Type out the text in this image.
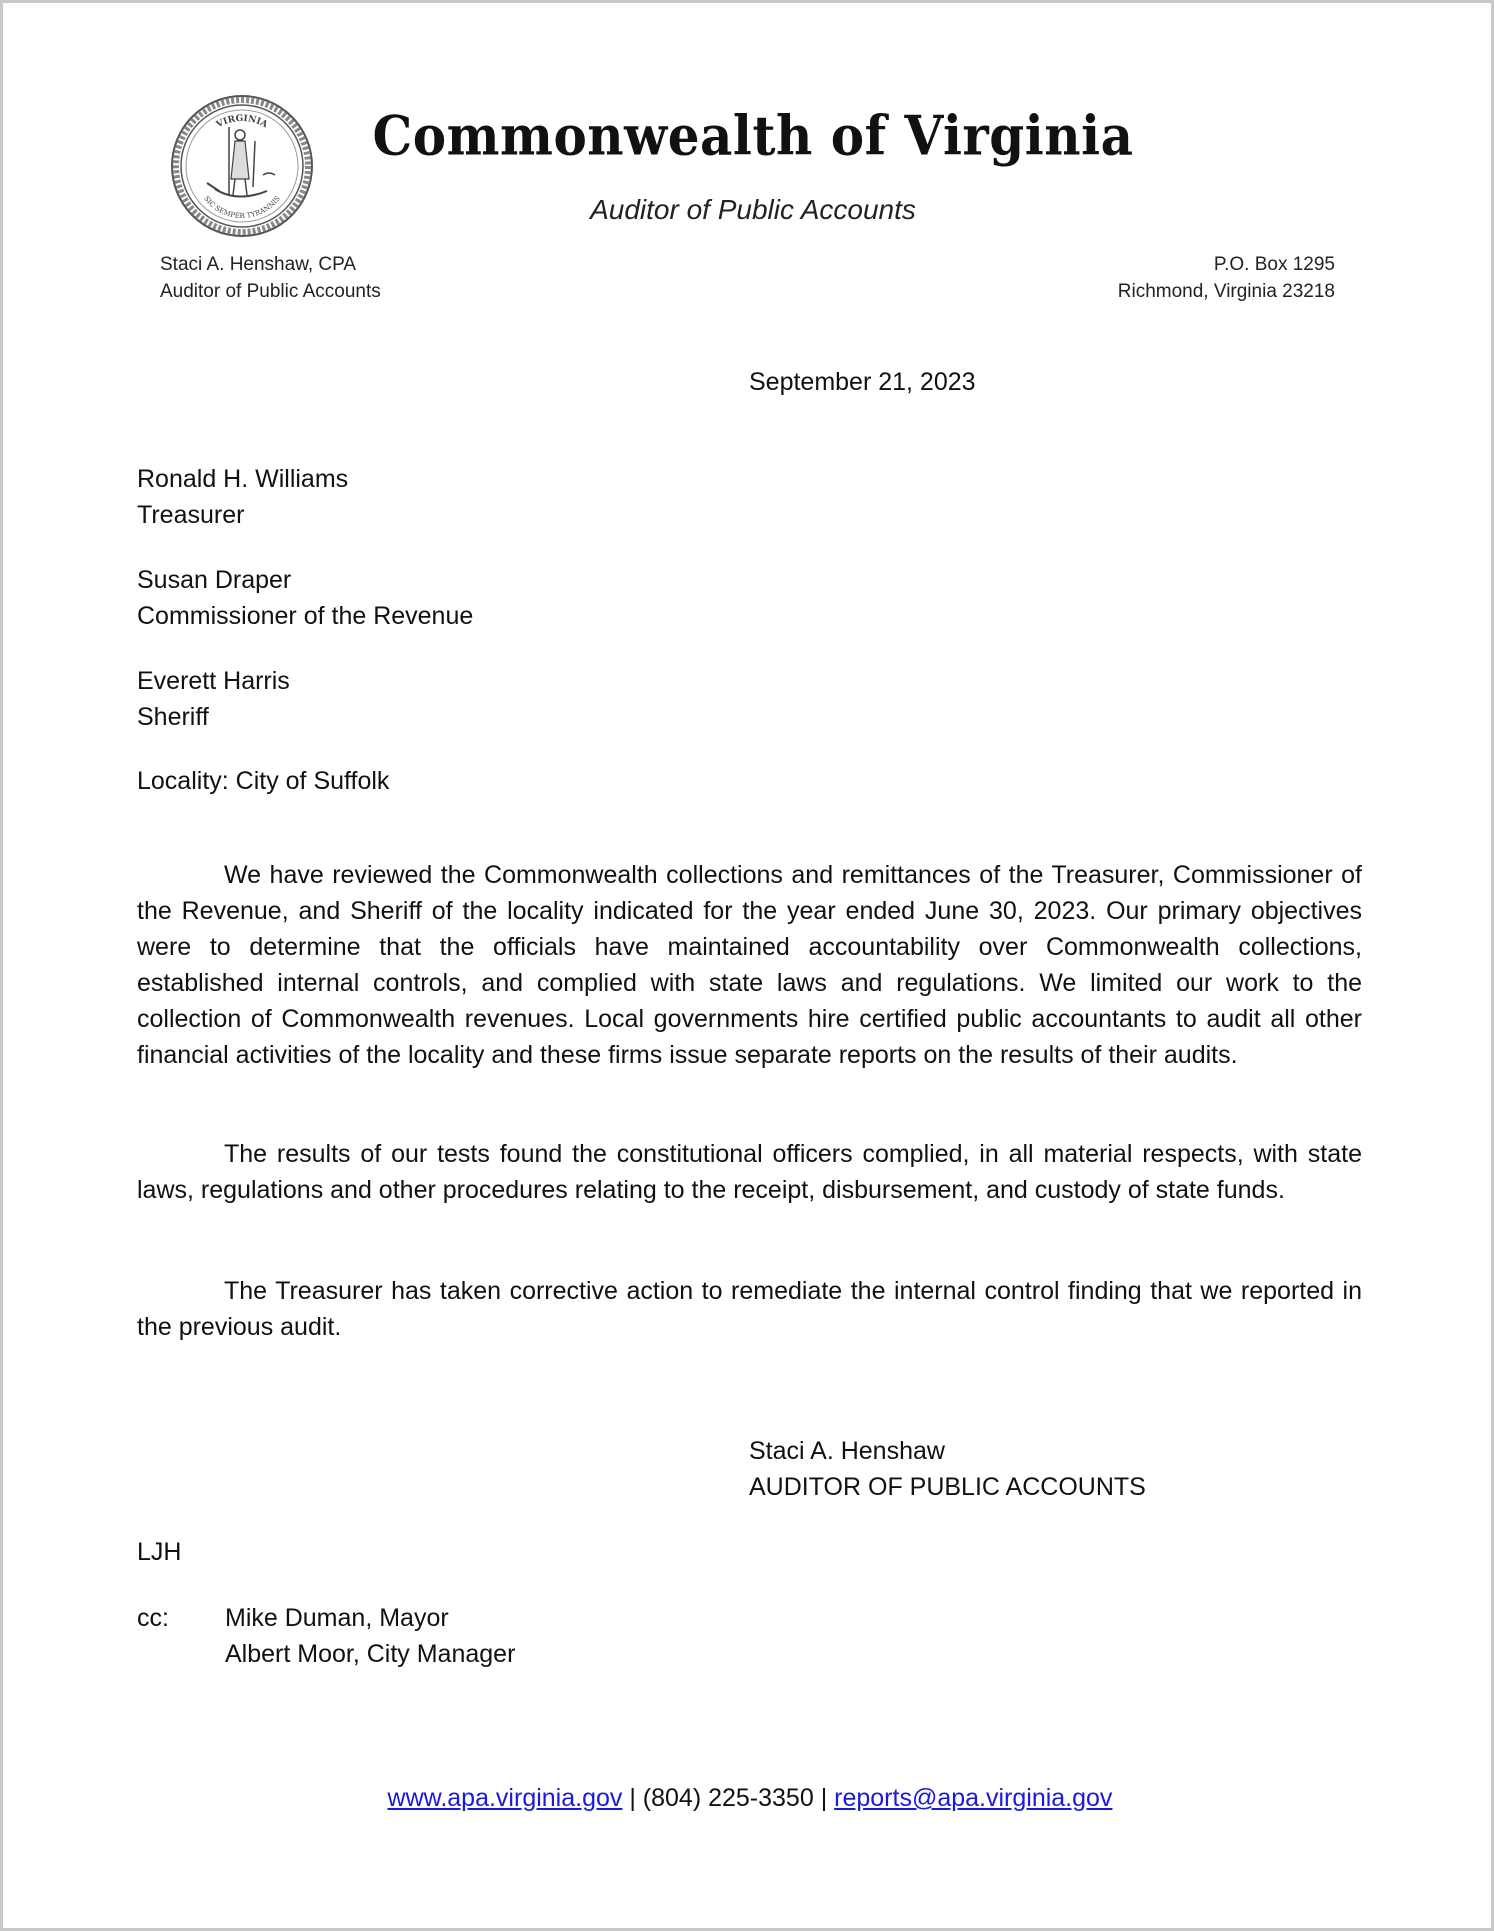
VIRGINIA
SIC SEMPER TYRANNIS
Commonwealth of Virginia
Auditor of Public Accounts
Staci A. Henshaw, CPA
Auditor of Public Accounts
P.O. Box 1295
Richmond, Virginia 23218
September 21, 2023
Ronald H. Williams
Treasurer
Susan Draper
Commissioner of the Revenue
Everett Harris
Sheriff
Locality: City of Suffolk
We have reviewed the Commonwealth collections and remittances of the Treasurer, Commissioner of the Revenue, and Sheriff of the locality indicated for the year ended June 30, 2023. Our primary objectives were to determine that the officials have maintained accountability over Commonwealth collections, established internal controls, and complied with state laws and regulations. We limited our work to the collection of Commonwealth revenues. Local governments hire certified public accountants to audit all other financial activities of the locality and these firms issue separate reports on the results of their audits.
The results of our tests found the constitutional officers complied, in all material respects, with state laws, regulations and other procedures relating to the receipt, disbursement, and custody of state funds.
The Treasurer has taken corrective action to remediate the internal control finding that we reported in the previous audit.
Staci A. Henshaw
AUDITOR OF PUBLIC ACCOUNTS
LJH
cc: Mike Duman, Mayor
Albert Moor, City Manager
www.apa.virginia.gov | (804) 225-3350 | reports@apa.virginia.gov
